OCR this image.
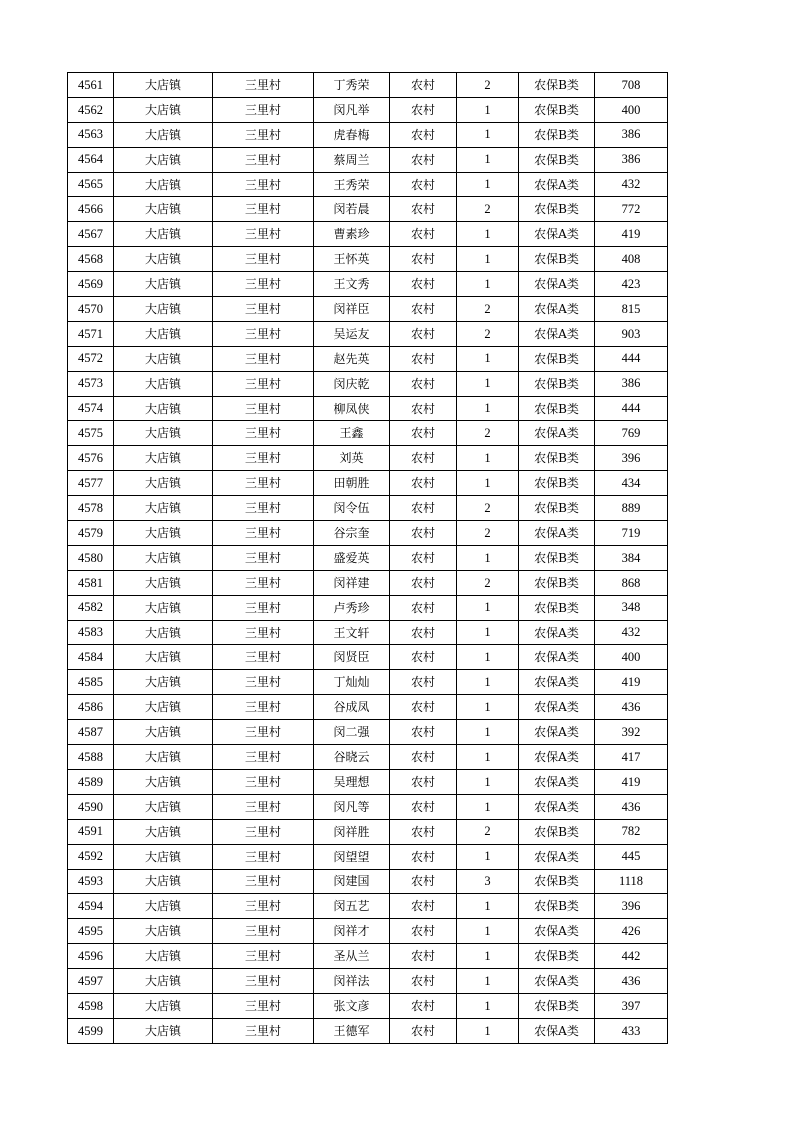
4561	大店镇	三里村	丁秀荣	农村	2	农保B类	708
4562	大店镇	三里村	闵凡举	农村	1	农保B类	400
4563	大店镇	三里村	虎春梅	农村	1	农保B类	386
4564	大店镇	三里村	蔡周兰	农村	1	农保B类	386
4565	大店镇	三里村	王秀荣	农村	1	农保A类	432
4566	大店镇	三里村	闵若晨	农村	2	农保B类	772
4567	大店镇	三里村	曹素珍	农村	1	农保A类	419
4568	大店镇	三里村	王怀英	农村	1	农保B类	408
4569	大店镇	三里村	王文秀	农村	1	农保A类	423
4570	大店镇	三里村	闵祥臣	农村	2	农保A类	815
4571	大店镇	三里村	吴运友	农村	2	农保A类	903
4572	大店镇	三里村	赵先英	农村	1	农保B类	444
4573	大店镇	三里村	闵庆乾	农村	1	农保B类	386
4574	大店镇	三里村	柳凤侠	农村	1	农保B类	444
4575	大店镇	三里村	王鑫	农村	2	农保A类	769
4576	大店镇	三里村	刘英	农村	1	农保B类	396
4577	大店镇	三里村	田朝胜	农村	1	农保B类	434
4578	大店镇	三里村	闵令伍	农村	2	农保B类	889
4579	大店镇	三里村	谷宗奎	农村	2	农保A类	719
4580	大店镇	三里村	盛爱英	农村	1	农保B类	384
4581	大店镇	三里村	闵祥建	农村	2	农保B类	868
4582	大店镇	三里村	卢秀珍	农村	1	农保B类	348
4583	大店镇	三里村	王文轩	农村	1	农保A类	432
4584	大店镇	三里村	闵贤臣	农村	1	农保A类	400
4585	大店镇	三里村	丁灿灿	农村	1	农保A类	419
4586	大店镇	三里村	谷成凤	农村	1	农保A类	436
4587	大店镇	三里村	闵二强	农村	1	农保A类	392
4588	大店镇	三里村	谷晓云	农村	1	农保A类	417
4589	大店镇	三里村	吴理想	农村	1	农保A类	419
4590	大店镇	三里村	闵凡等	农村	1	农保A类	436
4591	大店镇	三里村	闵祥胜	农村	2	农保B类	782
4592	大店镇	三里村	闵望望	农村	1	农保A类	445
4593	大店镇	三里村	闵建国	农村	3	农保B类	1118
4594	大店镇	三里村	闵五艺	农村	1	农保B类	396
4595	大店镇	三里村	闵祥才	农村	1	农保A类	426
4596	大店镇	三里村	圣从兰	农村	1	农保B类	442
4597	大店镇	三里村	闵祥法	农村	1	农保A类	436
4598	大店镇	三里村	张文彦	农村	1	农保B类	397
4599	大店镇	三里村	王德军	农村	1	农保A类	433
